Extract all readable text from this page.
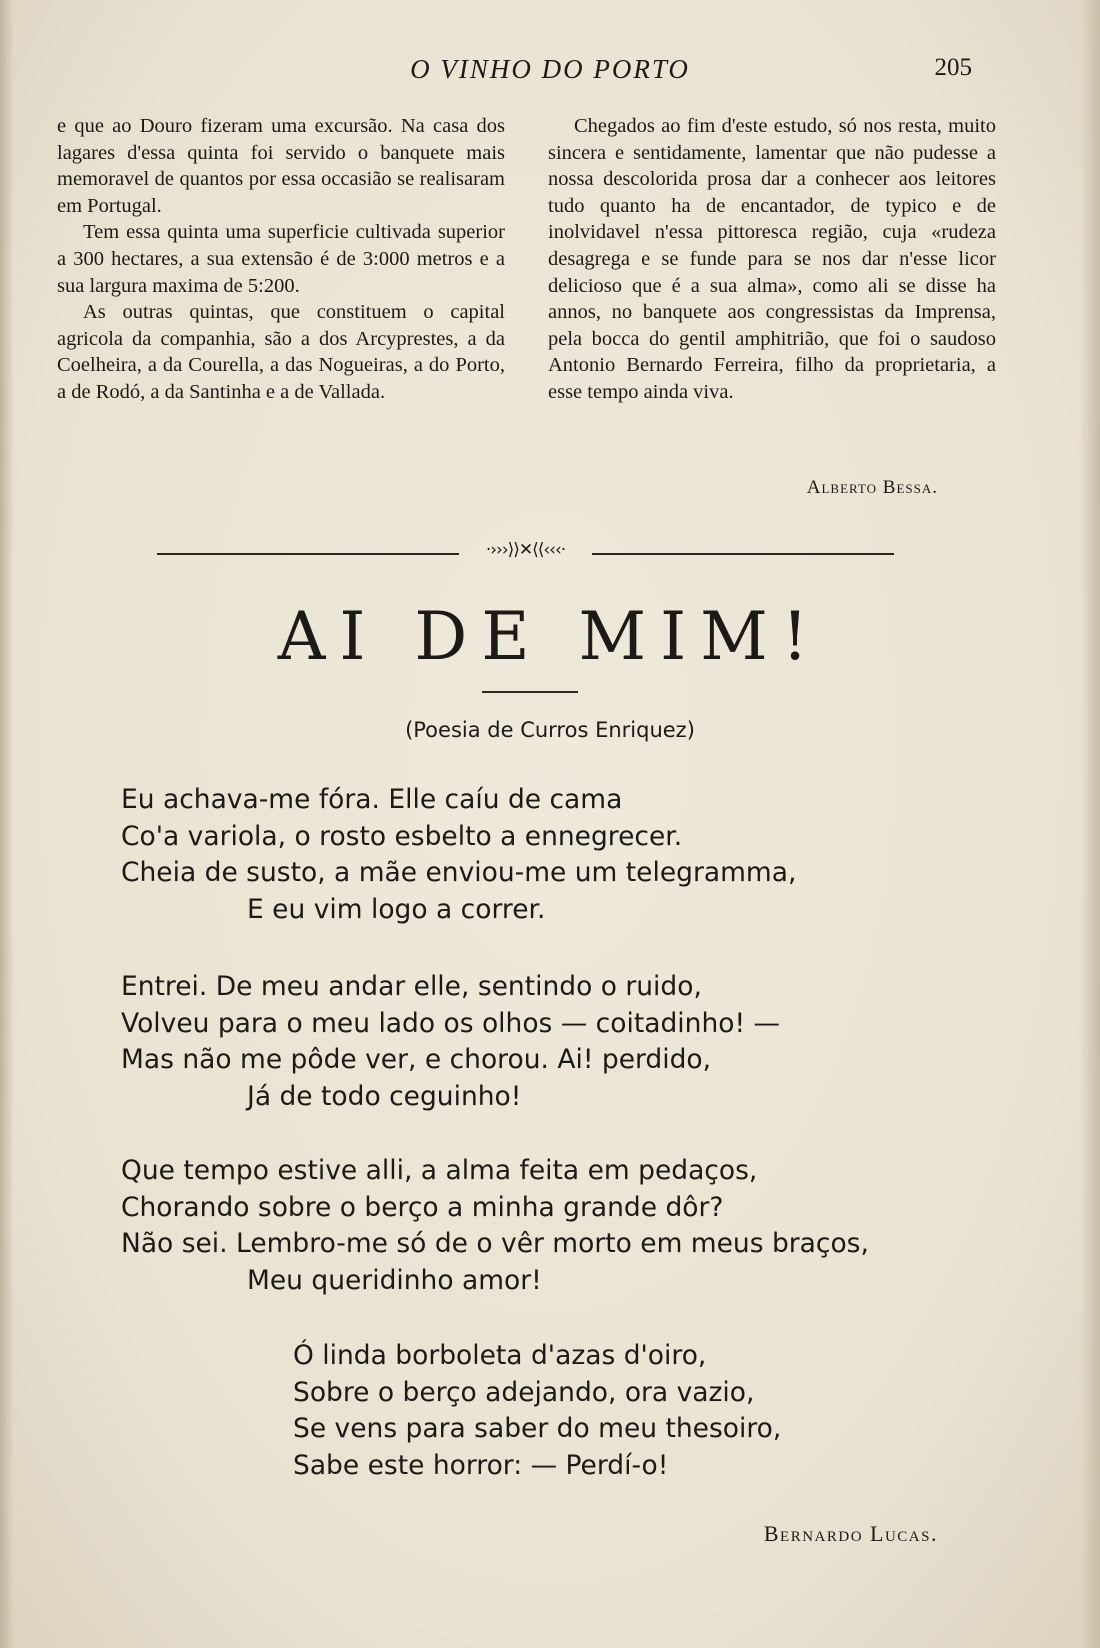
O VINHO DO PORTO	205

e que ao Douro fizeram uma excursão. Na casa dos lagares d'essa quinta foi servido o banquete mais memoravel de quantos por essa occasião se realisaram em Portugal.

Tem essa quinta uma superficie cultivada superior a 300 hectares, a sua extensão é de 3:000 metros e a sua largura maxima de 5:200.

As outras quintas, que constituem o capital agricola da companhia, são a dos Arcyprestes, a da Coelheira, a da Courella, a das Nogueiras, a do Porto, a de Rodó, a da Santinha e a de Vallada.

Chegados ao fim d'este estudo, só nos resta, muito sincera e sentidamente, lamentar que não pudesse a nossa descolorida prosa dar a conhecer aos leitores tudo quanto ha de encantador, de typico e de inolvidavel n'essa pittoresca região, cuja «rudeza desagrega e se funde para se nos dar n'esse licor delicioso que é a sua alma», como ali se disse ha annos, no banquete aos congressistas da Imprensa, pela bocca do gentil amphitrião, que foi o saudoso Antonio Bernardo Ferreira, filho da proprietaria, a esse tempo ainda viva.

Alberto Bessa.
·›››⟩⟩✕⟨⟨‹‹‹·
AI DE MIM!
(Poesia de Curros Enriquez)
Eu achava-me fóra. Elle caíu de cama
Co'a variola, o rosto esbelto a ennegrecer.
Cheia de susto, a mãe enviou-me um telegramma,
E eu vim logo a correr.
Entrei. De meu andar elle, sentindo o ruido,
Volveu para o meu lado os olhos — coitadinho! —
Mas não me pôde ver, e chorou. Ai! perdido,
Já de todo ceguinho!
Que tempo estive alli, a alma feita em pedaços,
Chorando sobre o berço a minha grande dôr?
Não sei. Lembro-me só de o vêr morto em meus braços,
Meu queridinho amor!
Ó linda borboleta d'azas d'oiro,
Sobre o berço adejando, ora vazio,
Se vens para saber do meu thesoiro,
Sabe este horror: — Perdí-o!
Bernardo Lucas.
